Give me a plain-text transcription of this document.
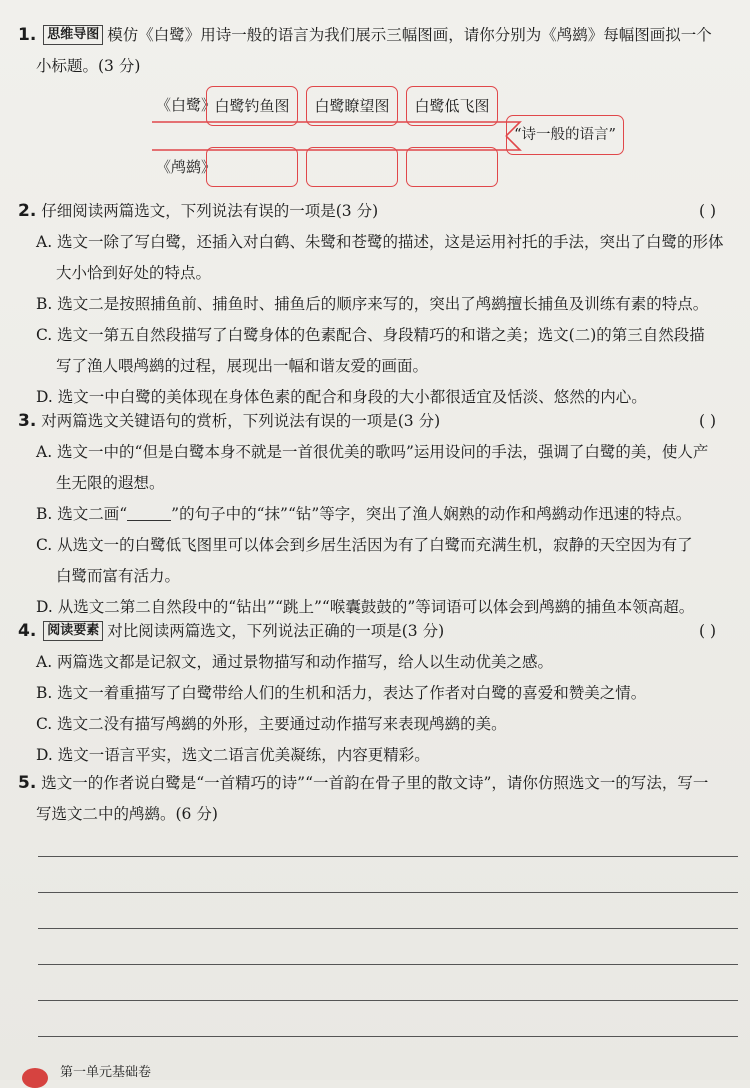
1. 思维导图 模仿《白鹭》用诗一般的语言为我们展示三幅图画，请你分别为《鸬鹚》每幅图画拟一个
小标题。(3 分)
《白鹭》
《鸬鹚》
白鹭钓鱼图	白鹭瞭望图	白鹭低飞图
“诗一般的语言”
2. 仔细阅读两篇选文，下列说法有误的一项是(3 分)	( )
A. 选文一除了写白鹭，还插入对白鹤、朱鹭和苍鹭的描述，这是运用衬托的手法，突出了白鹭的形体
大小恰到好处的特点。
B. 选文二是按照捕鱼前、捕鱼时、捕鱼后的顺序来写的，突出了鸬鹚擅长捕鱼及训练有素的特点。
C. 选文一第五自然段描写了白鹭身体的色素配合、身段精巧的和谐之美；选文(二)的第三自然段描
写了渔人喂鸬鹚的过程，展现出一幅和谐友爱的画面。
D. 选文一中白鹭的美体现在身体色素的配合和身段的大小都很适宜及恬淡、悠然的内心。
3. 对两篇选文关键语句的赏析，下列说法有误的一项是(3 分)	( )
A. 选文一中的“但是白鹭本身不就是一首很优美的歌吗”运用设问的手法，强调了白鹭的美，使人产
生无限的遐想。
B. 选文二画“	”的句子中的“抹”“钻”等字，突出了渔人娴熟的动作和鸬鹚动作迅速的特点。
C. 从选文一的白鹭低飞图里可以体会到乡居生活因为有了白鹭而充满生机，寂静的天空因为有了
白鹭而富有活力。
D. 从选文二第二自然段中的“钻出”“跳上”“喉囊鼓鼓的”等词语可以体会到鸬鹚的捕鱼本领高超。
4. 阅读要素 对比阅读两篇选文，下列说法正确的一项是(3 分)	( )
A. 两篇选文都是记叙文，通过景物描写和动作描写，给人以生动优美之感。
B. 选文一着重描写了白鹭带给人们的生机和活力，表达了作者对白鹭的喜爱和赞美之情。
C. 选文二没有描写鸬鹚的外形，主要通过动作描写来表现鸬鹚的美。
D. 选文一语言平实，选文二语言优美凝练，内容更精彩。
5. 选文一的作者说白鹭是“一首精巧的诗”“一首韵在骨子里的散文诗”，请你仿照选文一的写法，写一
写选文二中的鸬鹚。(6 分)
第一单元基础卷
